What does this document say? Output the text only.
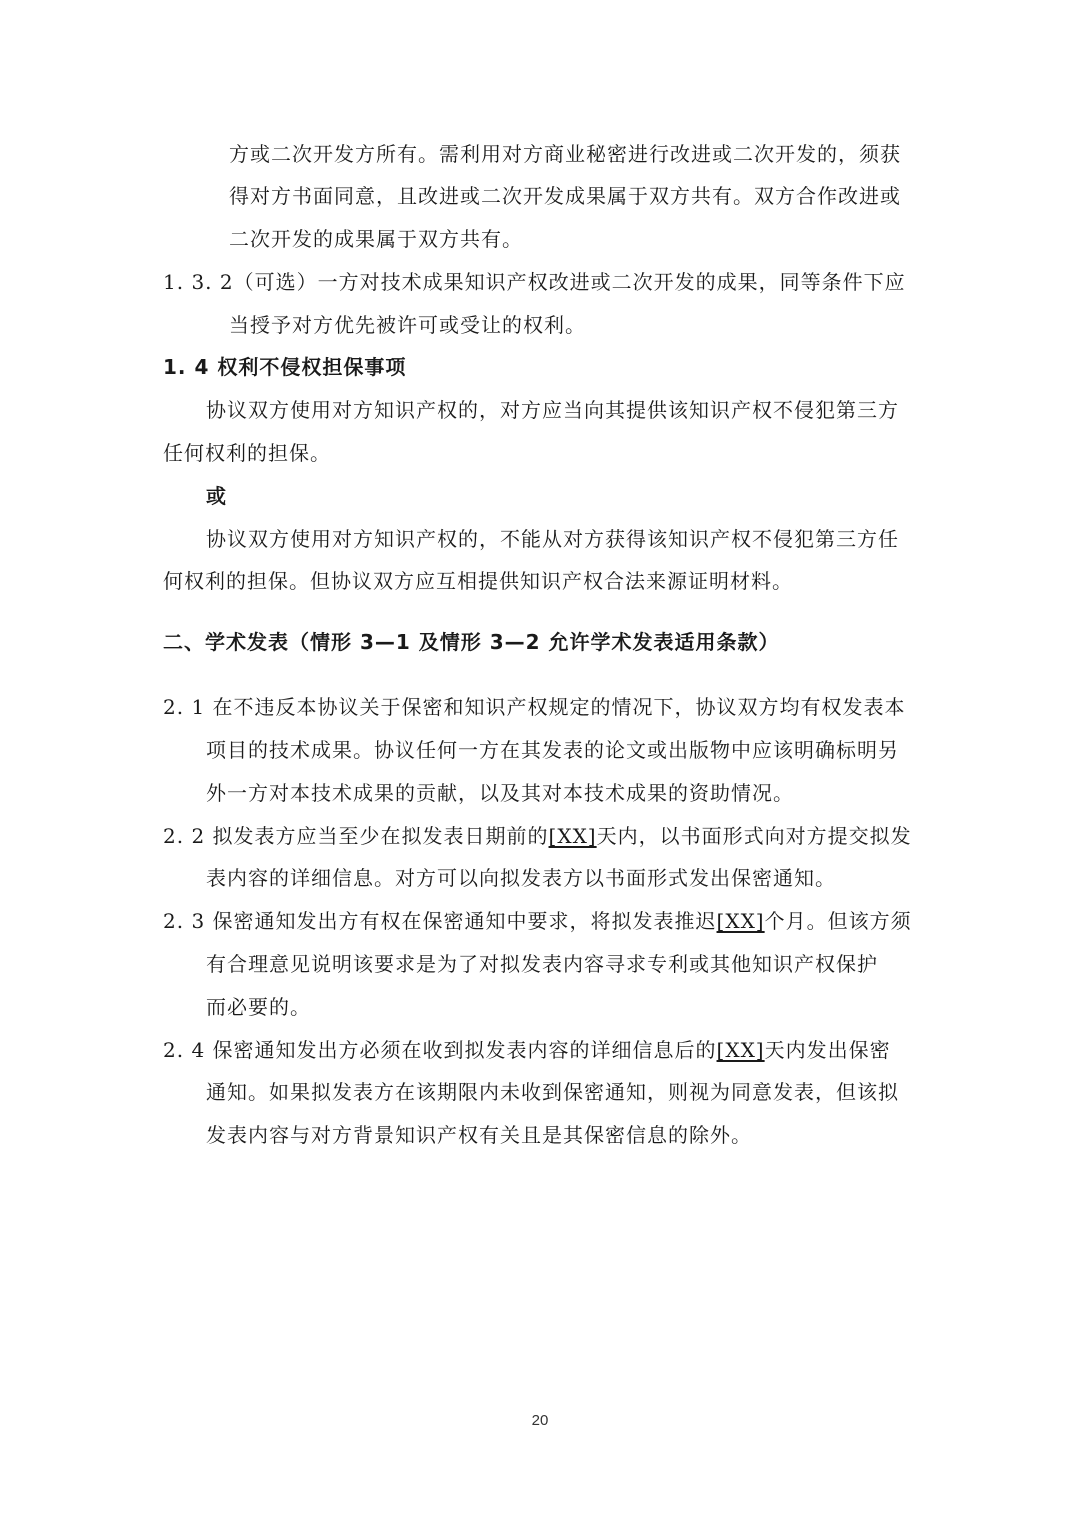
方或二次开发方所有。需利用对方商业秘密进行改进或二次开发的，须获
得对方书面同意，且改进或二次开发成果属于双方共有。双方合作改进或
二次开发的成果属于双方共有。
1. 3. 2（可选）一方对技术成果知识产权改进或二次开发的成果，同等条件下应
当授予对方优先被许可或受让的权利。
1. 4 权利不侵权担保事项
协议双方使用对方知识产权的，对方应当向其提供该知识产权不侵犯第三方
任何权利的担保。
或
协议双方使用对方知识产权的，不能从对方获得该知识产权不侵犯第三方任
何权利的担保。但协议双方应互相提供知识产权合法来源证明材料。
二、学术发表（情形 3—1 及情形 3—2 允许学术发表适用条款）
2. 1 在不违反本协议关于保密和知识产权规定的情况下，协议双方均有权发表本
项目的技术成果。协议任何一方在其发表的论文或出版物中应该明确标明另
外一方对本技术成果的贡献，以及其对本技术成果的资助情况。
2. 2 拟发表方应当至少在拟发表日期前的[XX]天内，以书面形式向对方提交拟发
表内容的详细信息。对方可以向拟发表方以书面形式发出保密通知。
2. 3 保密通知发出方有权在保密通知中要求，将拟发表推迟[XX]个月。但该方须
有合理意见说明该要求是为了对拟发表内容寻求专利或其他知识产权保护
而必要的。
2. 4 保密通知发出方必须在收到拟发表内容的详细信息后的[XX]天内发出保密
通知。如果拟发表方在该期限内未收到保密通知，则视为同意发表，但该拟
发表内容与对方背景知识产权有关且是其保密信息的除外。
20
